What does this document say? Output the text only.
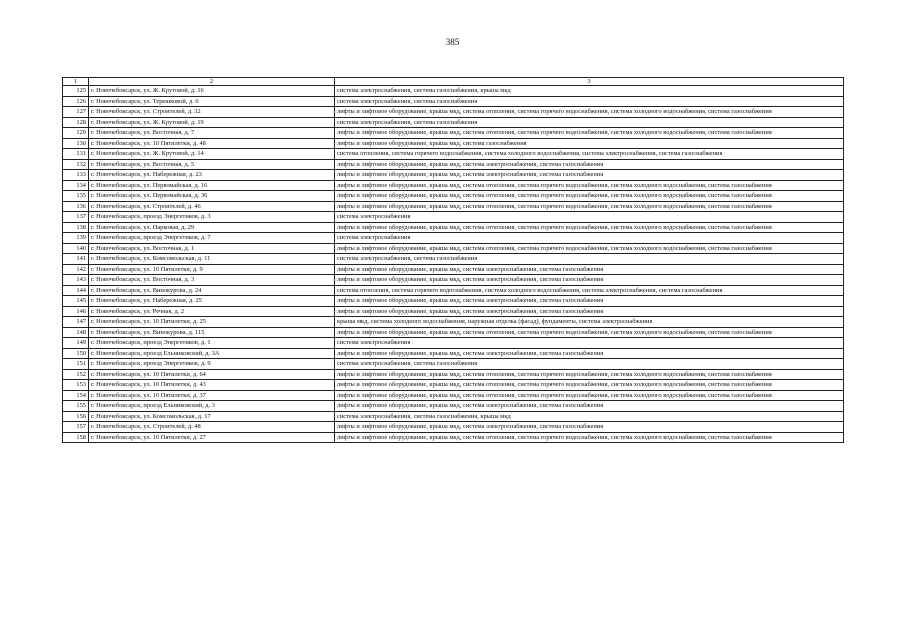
385
1	2	3
125	г. Новочебоксарск, ул. Ж. Крутовой, д. 16	система электроснабжения, система газоснабжения, крыша мкд
126	г. Новочебоксарск, ул. Терешковой, д. 6	система электроснабжения, система газоснабжения
127	г. Новочебоксарск, ул. Строителей, д. 32	лифты и лифтовое оборудование, крыша мкд, система отопления, система горячего водоснабжения, система холодного водоснабжения, система газоснабжения
128	г. Новочебоксарск, ул. Ж. Крутовой, д. 19	система электроснабжения, система газоснабжения
129	г. Новочебоксарск, ул. Восточная, д. 7	лифты и лифтовое оборудование, крыша мкд, система отопления, система горячего водоснабжения, система холодного водоснабжения, система газоснабжения
130	г. Новочебоксарск, ул. 10 Пятилетки, д. 48	лифты и лифтовое оборудование, крыша мкд, система газоснабжения
131	г. Новочебоксарск, ул. Ж. Крутовой, д. 14	система отопления, система горячего водоснабжения, система холодного водоснабжения, система электроснабжения, система газоснабжения
132	г. Новочебоксарск, ул. Восточная, д. 5	лифты и лифтовое оборудование, крыша мкд, система электроснабжения, система газоснабжения
133	г. Новочебоксарск, ул. Набережная, д. 23	лифты и лифтовое оборудование, крыша мкд, система электроснабжения, система газоснабжения
134	г. Новочебоксарск, ул. Первомайская, д. 16	лифты и лифтовое оборудование, крыша мкд, система отопления, система горячего водоснабжения, система холодного водоснабжения, система газоснабжения
135	г. Новочебоксарск, ул. Первомайская, д. 36	лифты и лифтовое оборудование, крыша мкд, система отопления, система горячего водоснабжения, система холодного водоснабжения, система газоснабжения
136	г. Новочебоксарск, ул. Строителей, д. 46	лифты и лифтовое оборудование, крыша мкд, система отопления, система горячего водоснабжения, система холодного водоснабжения, система газоснабжения
137	г. Новочебоксарск, проезд Энергетиков, д. 3	система электроснабжения
138	г. Новочебоксарск, ул. Парковая, д. 29	лифты и лифтовое оборудование, крыша мкд, система отопления, система горячего водоснабжения, система холодного водоснабжения, система газоснабжения
139	г. Новочебоксарск, проезд Энергетиков, д. 7	система электроснабжения
140	г. Новочебоксарск, ул. Восточная, д. 1	лифты и лифтовое оборудование, крыша мкд, система отопления, система горячего водоснабжения, система холодного водоснабжения, система газоснабжения
141	г. Новочебоксарск, ул. Комсомольская, д. 11	система электроснабжения, система газоснабжения
142	г. Новочебоксарск, ул. 10 Пятилетки, д. 9	лифты и лифтовое оборудование, крыша мкд, система электроснабжения, система газоснабжения
143	г. Новочебоксарск, ул. Восточная, д. 3	лифты и лифтовое оборудование, крыша мкд, система электроснабжения, система газоснабжения
144	г. Новочебоксарск, ул. Винокурова, д. 24	система отопления, система горячего водоснабжения, система холодного водоснабжения, система электроснабжения, система газоснабжения
145	г. Новочебоксарск, ул. Набережная, д. 25	лифты и лифтовое оборудование, крыша мкд, система электроснабжения, система газоснабжения
146	г. Новочебоксарск, ул. Речная, д. 2	лифты и лифтовое оборудование, крыша мкд, система электроснабжения, система газоснабжения
147	г. Новочебоксарск, ул. 10 Пятилетки, д. 25	крыша мкд, система холодного водоснабжения, наружная отделка (фасад), фундаменты, система электроснабжения
148	г. Новочебоксарск, ул. Винокурова, д. 115	лифты и лифтовое оборудование, крыша мкд, система отопления, система горячего водоснабжения, система холодного водоснабжения, система газоснабжения
149	г. Новочебоксарск, проезд Энергетиков, д. 1	система электроснабжения
150	г. Новочебоксарск, проезд Ельниковский, д. 3А	лифты и лифтовое оборудование, крыша мкд, система электроснабжения, система газоснабжения
151	г. Новочебоксарск, проезд Энергетиков, д. 9	система электроснабжения, система газоснабжения
152	г. Новочебоксарск, ул. 10 Пятилетки, д. 64	лифты и лифтовое оборудование, крыша мкд, система отопления, система горячего водоснабжения, система холодного водоснабжения, система газоснабжения
153	г. Новочебоксарск, ул. 10 Пятилетки, д. 43	лифты и лифтовое оборудование, крыша мкд, система отопления, система горячего водоснабжения, система холодного водоснабжения, система газоснабжения
154	г. Новочебоксарск, ул. 10 Пятилетки, д. 37	лифты и лифтовое оборудование, крыша мкд, система отопления, система горячего водоснабжения, система холодного водоснабжения, система газоснабжения
155	г. Новочебоксарск, проезд Ельниковский, д. 3	лифты и лифтовое оборудование, крыша мкд, система электроснабжения, система газоснабжения
156	г. Новочебоксарск, ул. Комсомольская, д. 17	система электроснабжения, система газоснабжения, крыша мкд
157	г. Новочебоксарск, ул. Строителей, д. 48	лифты и лифтовое оборудование, крыша мкд, система электроснабжения, система газоснабжения
158	г. Новочебоксарск, ул. 10 Пятилетки, д. 27	лифты и лифтовое оборудование, крыша мкд, система отопления, система горячего водоснабжения, система холодного водоснабжения, система газоснабжения
